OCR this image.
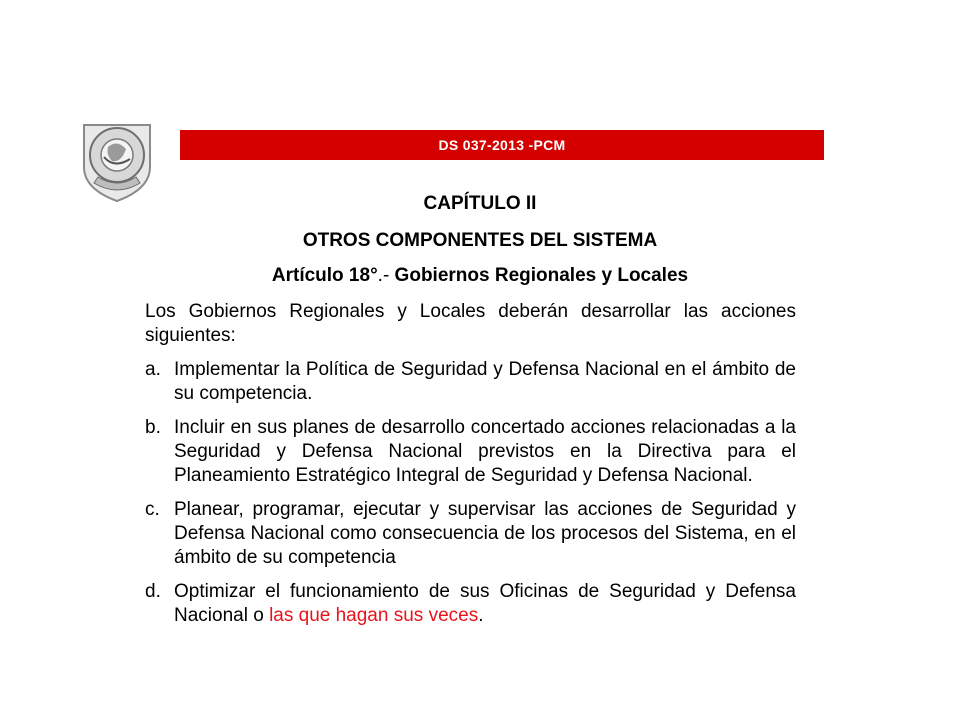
DS 037-2013 -PCM
CAPÍTULO II
OTROS COMPONENTES DEL SISTEMA
Artículo 18°.- Gobiernos Regionales y Locales

Los Gobiernos Regionales y Locales deberán desarrollar las acciones siguientes:

a. Implementar la Política de Seguridad y Defensa Nacional en el ámbito de su competencia.
b. Incluir en sus planes de desarrollo concertado acciones relacionadas a la Seguridad y Defensa Nacional previstos en la Directiva para el Planeamiento Estratégico Integral de Seguridad y Defensa Nacional.
c. Planear, programar, ejecutar y supervisar las acciones de Seguridad y Defensa Nacional como consecuencia de los procesos del Sistema, en el ámbito de su competencia
d. Optimizar el funcionamiento de sus Oficinas de Seguridad y Defensa Nacional o las que hagan sus veces.
